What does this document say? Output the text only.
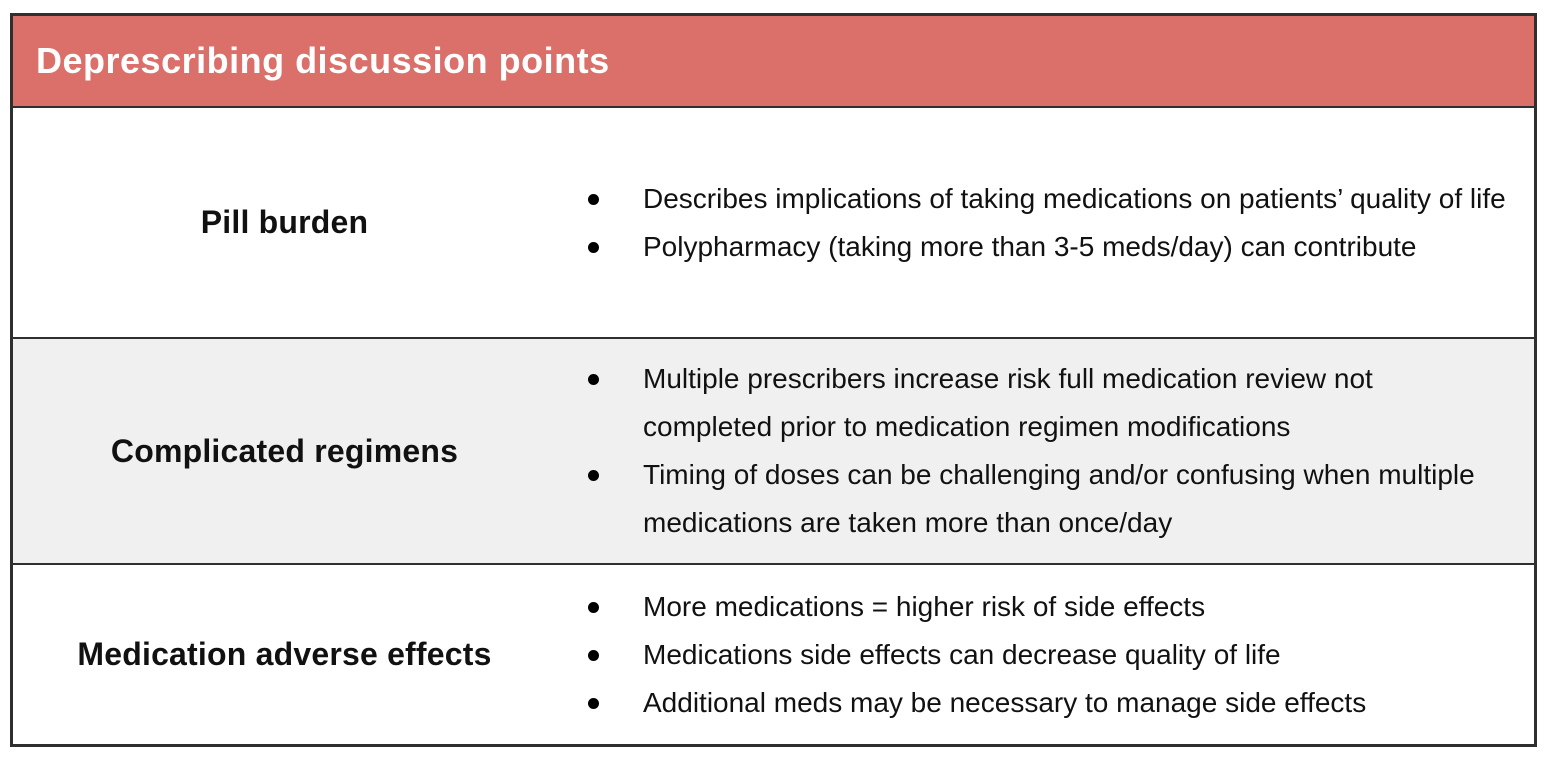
Deprescribing discussion points
Pill burden
Describes implications of taking medications on patients’ quality of life
Polypharmacy (taking more than 3-5 meds/day) can contribute
Complicated regimens
Multiple prescribers increase risk full medication review not completed prior to medication regimen modifications
Timing of doses can be challenging and/or confusing when multiple medications are taken more than once/day
Medication adverse effects
More medications = higher risk of side effects
Medications side effects can decrease quality of life
Additional meds may be necessary to manage side effects
